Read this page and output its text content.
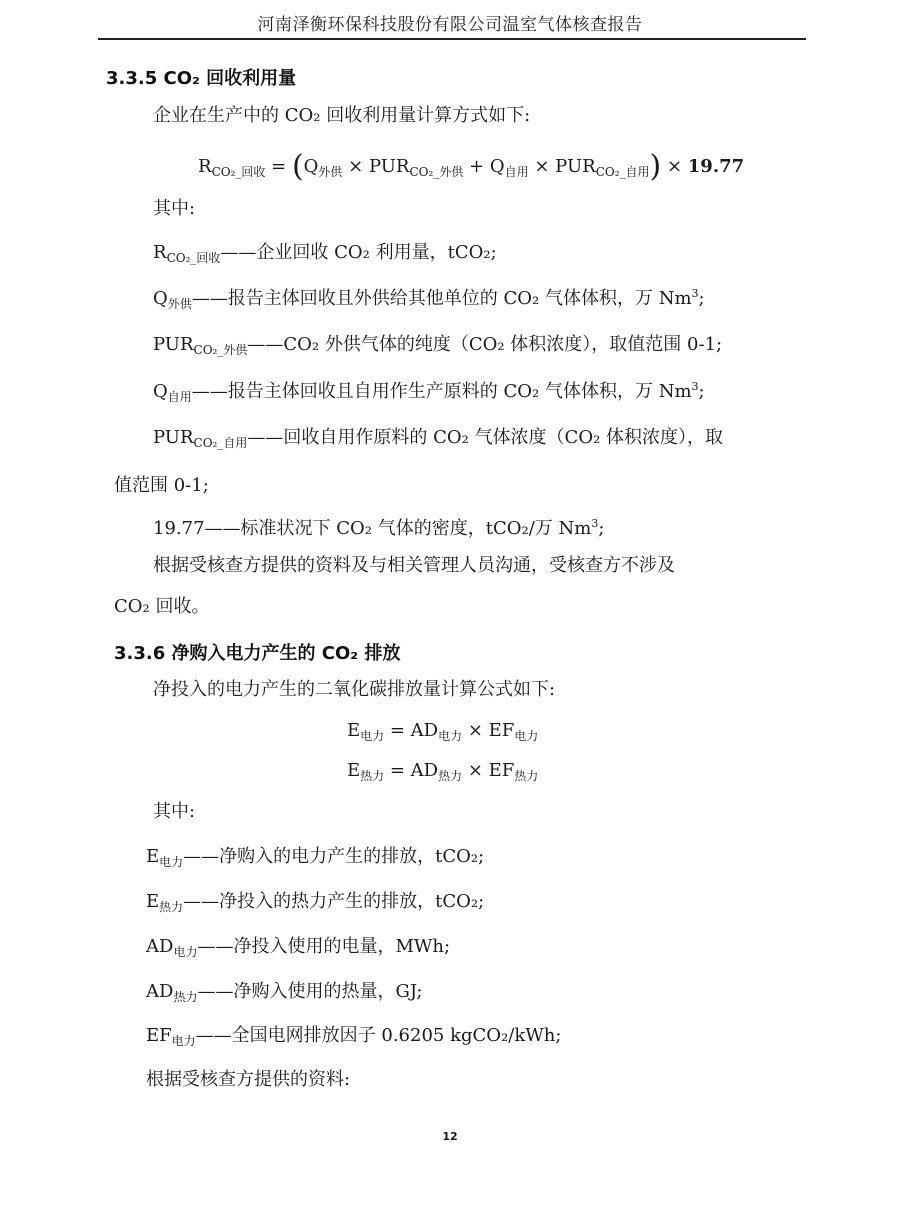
河南泽衡环保科技股份有限公司温室气体核查报告
3.3.5 CO₂ 回收利用量
企业在生产中的 CO₂ 回收利用量计算方式如下:
$R_{CO_2\_回收} = (Q_{外供} \times PUR_{CO_2\_外供} + Q_{自用} \times PUR_{CO_2\_自用}) \times 19.77$
其中:
$R_{CO_2\_回收}——$企业回收 CO₂ 利用量，tCO₂;
$Q_{外供}——$报告主体回收且外供给其他单位的 CO₂ 气体体积，万 Nm$^3$;
$PUR_{CO_2\_外供}——CO_2$ 外供气体的纯度（CO₂ 体积浓度），取值范围 0-1;
$Q_{自用}——$报告主体回收且自用作生产原料的 CO₂ 气体体积，万 Nm$^3$;
$PUR_{CO_2\_自用}——$回收自用作原料的 CO₂ 气体浓度（CO₂ 体积浓度），取
值范围 0-1;
19.77——标准状况下 CO₂ 气体的密度，tCO₂/万 Nm$^3$;
根据受核查方提供的资料及与相关管理人员沟通，受核查方不涉及
CO₂ 回收。
3.3.6 净购入电力产生的 CO₂ 排放
净投入的电力产生的二氧化碳排放量计算公式如下:
$E_{电力} = AD_{电力} \times EF_{电力}$
$E_{热力} = AD_{热力} \times EF_{热力}$
其中:
$E_{电力}——$净购入的电力产生的排放，tCO₂;
$E_{热力}——$净投入的热力产生的排放，tCO₂;
$AD_{电力}——$净投入使用的电量，MWh;
$AD_{热力}——$净购入使用的热量，GJ;
$EF_{电力}——$全国电网排放因子 0.6205 kgCO₂/kWh;
根据受核查方提供的资料:
12
